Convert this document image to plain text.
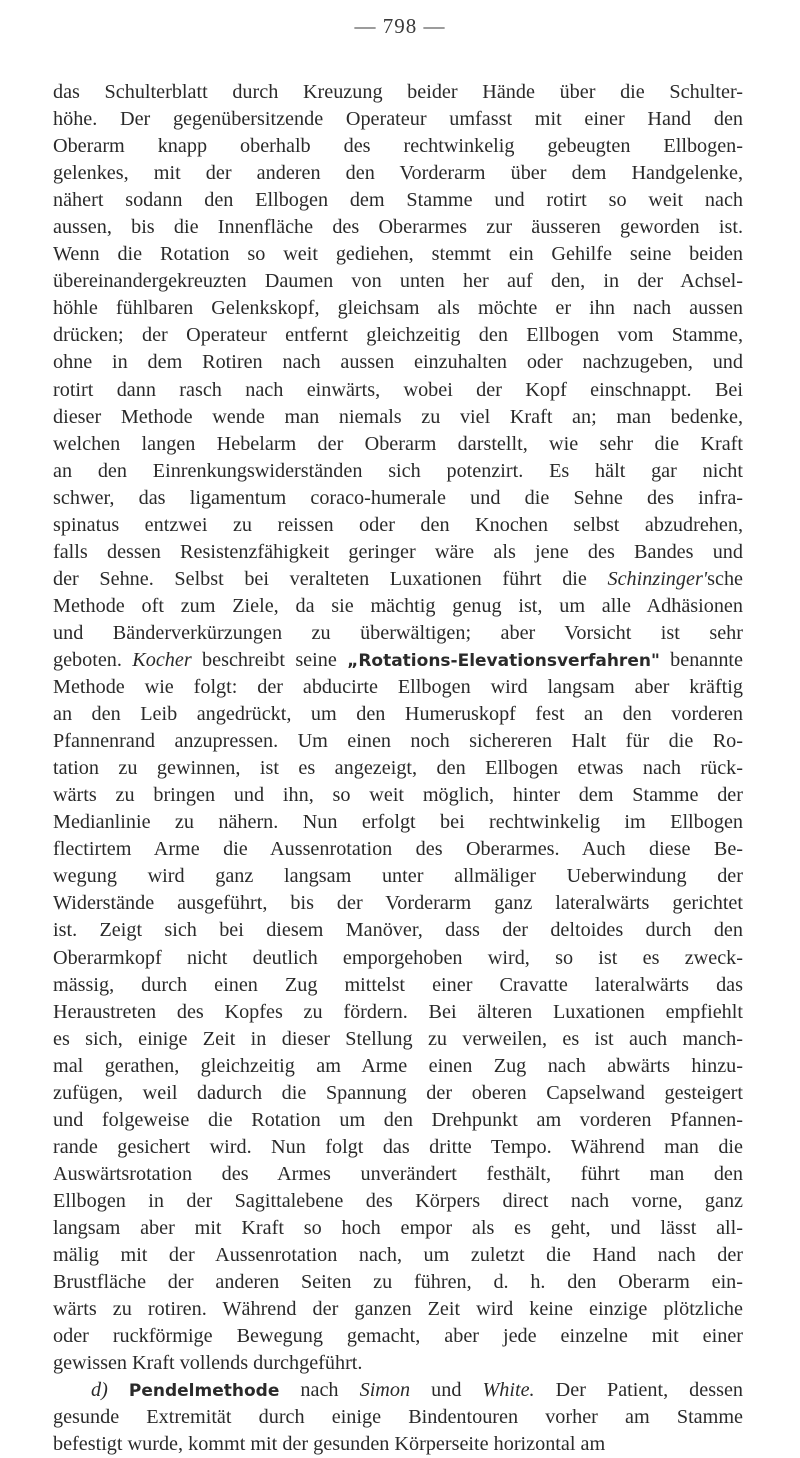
— 798 —
das Schulterblatt durch Kreuzung beider Hände über die Schulter-
höhe. Der gegenübersitzende Operateur umfasst mit einer Hand den
Oberarm knapp oberhalb des rechtwinkelig gebeugten Ellbogen-
gelenkes, mit der anderen den Vorderarm über dem Handgelenke,
nähert sodann den Ellbogen dem Stamme und rotirt so weit nach
aussen, bis die Innenfläche des Oberarmes zur äusseren geworden ist.
Wenn die Rotation so weit gediehen, stemmt ein Gehilfe seine beiden
übereinandergekreuzten Daumen von unten her auf den, in der Achsel-
höhle fühlbaren Gelenkskopf, gleichsam als möchte er ihn nach aussen
drücken; der Operateur entfernt gleichzeitig den Ellbogen vom Stamme,
ohne in dem Rotiren nach aussen einzuhalten oder nachzugeben, und
rotirt dann rasch nach einwärts, wobei der Kopf einschnappt. Bei
dieser Methode wende man niemals zu viel Kraft an; man bedenke,
welchen langen Hebelarm der Oberarm darstellt, wie sehr die Kraft
an den Einrenkungswiderständen sich potenzirt. Es hält gar nicht
schwer, das ligamentum coraco-humerale und die Sehne des infra-
spinatus entzwei zu reissen oder den Knochen selbst abzudrehen,
falls dessen Resistenzfähigkeit geringer wäre als jene des Bandes und
der Sehne. Selbst bei veralteten Luxationen führt die Schinzinger'sche
Methode oft zum Ziele, da sie mächtig genug ist, um alle Adhäsionen
und Bänderverkürzungen zu überwältigen; aber Vorsicht ist sehr
geboten. Kocher beschreibt seine „Rotations-Elevationsverfahren" benannte
Methode wie folgt: der abducirte Ellbogen wird langsam aber kräftig
an den Leib angedrückt, um den Humeruskopf fest an den vorderen
Pfannenrand anzupressen. Um einen noch sichereren Halt für die Ro-
tation zu gewinnen, ist es angezeigt, den Ellbogen etwas nach rück-
wärts zu bringen und ihn, so weit möglich, hinter dem Stamme der
Medianlinie zu nähern. Nun erfolgt bei rechtwinkelig im Ellbogen
flectirtem Arme die Aussenrotation des Oberarmes. Auch diese Be-
wegung wird ganz langsam unter allmäliger Ueberwindung der
Widerstände ausgeführt, bis der Vorderarm ganz lateralwärts gerichtet
ist. Zeigt sich bei diesem Manöver, dass der deltoides durch den
Oberarmkopf nicht deutlich emporgehoben wird, so ist es zweck-
mässig, durch einen Zug mittelst einer Cravatte lateralwärts das
Heraustreten des Kopfes zu fördern. Bei älteren Luxationen empfiehlt
es sich, einige Zeit in dieser Stellung zu verweilen, es ist auch manch-
mal gerathen, gleichzeitig am Arme einen Zug nach abwärts hinzu-
zufügen, weil dadurch die Spannung der oberen Capselwand gesteigert
und folgeweise die Rotation um den Drehpunkt am vorderen Pfannen-
rande gesichert wird. Nun folgt das dritte Tempo. Während man die
Auswärtsrotation des Armes unverändert festhält, führt man den
Ellbogen in der Sagittalebene des Körpers direct nach vorne, ganz
langsam aber mit Kraft so hoch empor als es geht, und lässt all-
mälig mit der Aussenrotation nach, um zuletzt die Hand nach der
Brustfläche der anderen Seiten zu führen, d. h. den Oberarm ein-
wärts zu rotiren. Während der ganzen Zeit wird keine einzige plötzliche
oder ruckförmige Bewegung gemacht, aber jede einzelne mit einer
gewissen Kraft vollends durchgeführt.
d) Pendelmethode nach Simon und White. Der Patient, dessen
gesunde Extremität durch einige Bindentouren vorher am Stamme
befestigt wurde, kommt mit der gesunden Körperseite horizontal am
